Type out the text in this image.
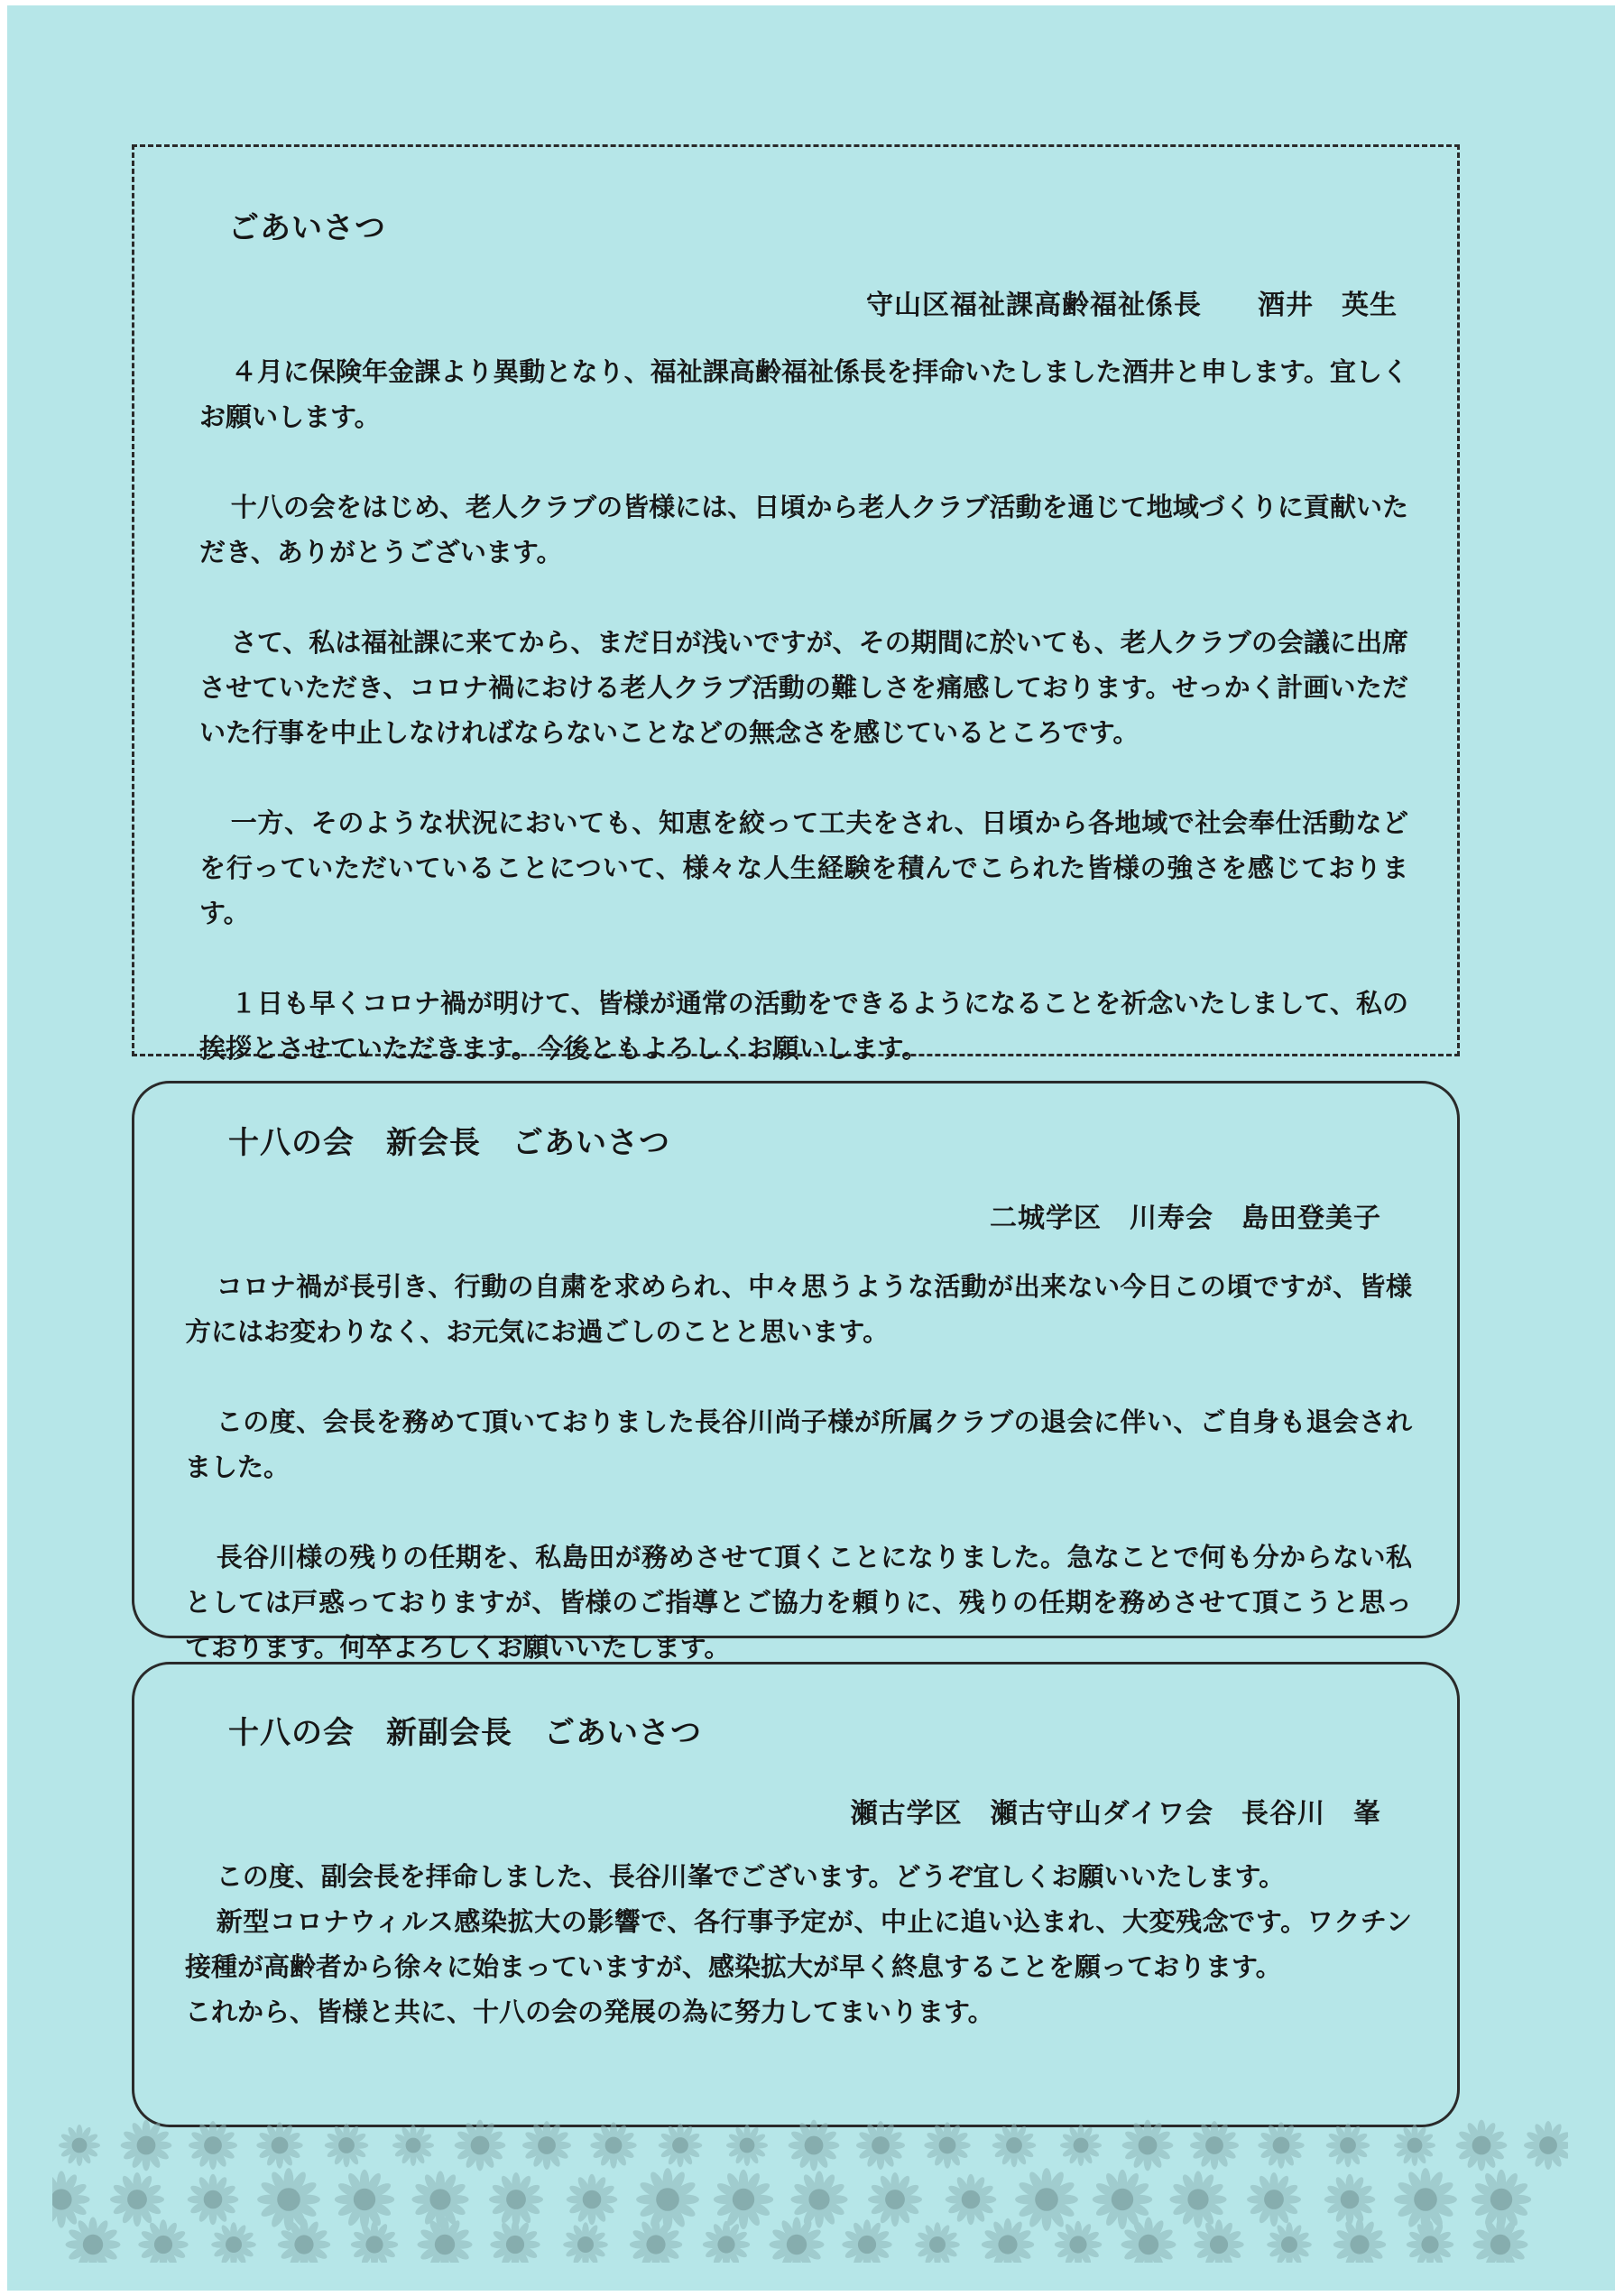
ごあいさつ
守山区福祉課高齢福祉係長　　酒井　英生

４月に保険年金課より異動となり、福祉課高齢福祉係長を拝命いたしました酒井と申します。宜しくお願いします。

十八の会をはじめ、老人クラブの皆様には、日頃から老人クラブ活動を通じて地域づくりに貢献いただき、ありがとうございます。

さて、私は福祉課に来てから、まだ日が浅いですが、その期間に於いても、老人クラブの会議に出席させていただき、コロナ禍における老人クラブ活動の難しさを痛感しております。せっかく計画いただいた行事を中止しなければならないことなどの無念さを感じているところです。

一方、そのような状況においても、知恵を絞って工夫をされ、日頃から各地域で社会奉仕活動などを行っていただいていることについて、様々な人生経験を積んでこられた皆様の強さを感じております。

１日も早くコロナ禍が明けて、皆様が通常の活動をできるようになることを祈念いたしまして、私の挨拶とさせていただきます。今後ともよろしくお願いします。

十八の会　新会長　ごあいさつ
二城学区　川寿会　島田登美子

コロナ禍が長引き、行動の自粛を求められ、中々思うような活動が出来ない今日この頃ですが、皆様方にはお変わりなく、お元気にお過ごしのことと思います。

この度、会長を務めて頂いておりました長谷川尚子様が所属クラブの退会に伴い、ご自身も退会されました。

長谷川様の残りの任期を、私島田が務めさせて頂くことになりました。急なことで何も分からない私としては戸惑っておりますが、皆様のご指導とご協力を頼りに、残りの任期を務めさせて頂こうと思っております。何卒よろしくお願いいたします。

十八の会　新副会長　ごあいさつ
瀬古学区　瀬古守山ダイワ会　長谷川　峯

この度、副会長を拝命しました、長谷川峯でございます。どうぞ宜しくお願いいたします。

新型コロナウィルス感染拡大の影響で、各行事予定が、中止に追い込まれ、大変残念です。ワクチン接種が高齢者から徐々に始まっていますが、感染拡大が早く終息することを願っております。

これから、皆様と共に、十八の会の発展の為に努力してまいります。
